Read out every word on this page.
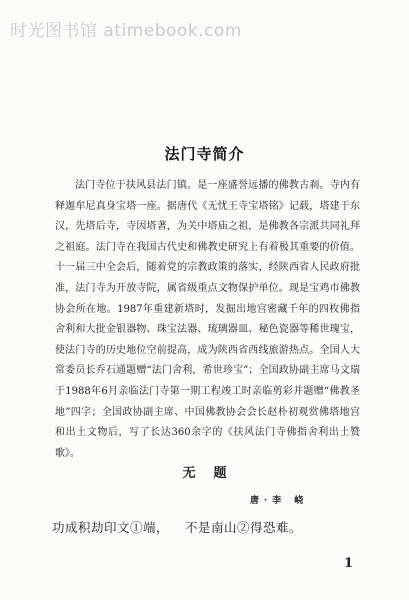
时光图书馆 atimebook.com
法门寺简介

法门寺位于扶风县法门镇。是一座盛誉远播的佛教古刹。寺内有释迦牟尼真身宝塔一座。据唐代《无忧王寺宝塔铭》记载，塔建于东汉，先塔后寺，寺因塔著，为关中塔庙之祖，是佛教各宗派共同礼拜之祖庭。法门寺在我国古代史和佛教史研究上有着极其重要的价值。十一届三中全会后，随着党的宗教政策的落实，经陕西省人民政府批准，法门寺为开放寺院，属省级重点文物保护单位。现是宝鸡市佛教协会所在地。1987年重建新塔时，发掘出地宫密藏千年的四枚佛指舍利和大批金银器物、珠宝法器、琉璃器皿、秘色瓷器等稀世瑰宝，使法门寺的历史地位空前提高，成为陕西省西线旅游热点。全国人大常委员长乔石通题赠“法门舍利，希世珍宝”；全国政协副主席马文瑞于1988年6月亲临法门寺第一期工程竣工时亲临剪彩并题赠“佛教圣地”四字；全国政协副主席、中国佛教协会会长赵朴初观赏佛塔地宫和出土文物后，写了长达360余字的《扶风法门寺佛指舍利出土赞歌》。

无题
唐·李 峣
功成积劫印文①端， 不是南山②得恐难。
1
